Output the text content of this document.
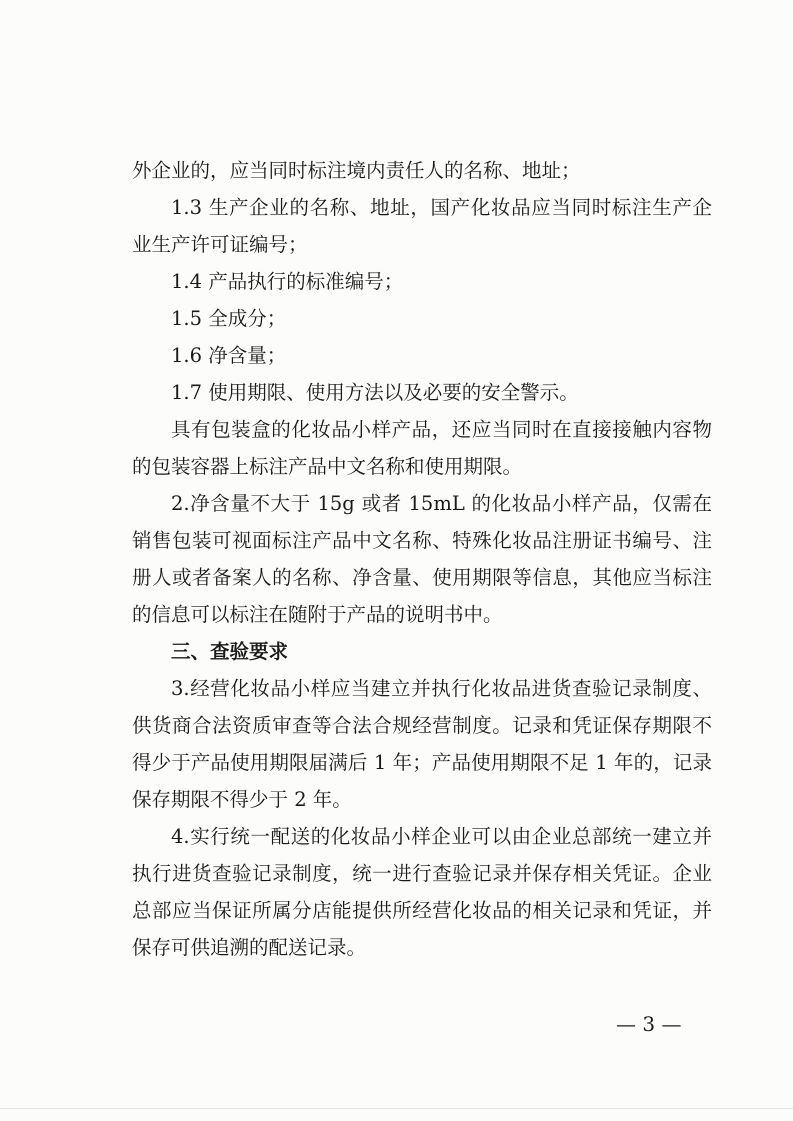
外企业的，应当同时标注境内责任人的名称、地址；

1.3 生产企业的名称、地址，国产化妆品应当同时标注生产企业生产许可证编号；

1.4 产品执行的标准编号；

1.5 全成分；

1.6 净含量；

1.7 使用期限、使用方法以及必要的安全警示。

具有包装盒的化妆品小样产品，还应当同时在直接接触内容物的包装容器上标注产品中文名称和使用期限。

2.净含量不大于 15g 或者 15mL 的化妆品小样产品，仅需在销售包装可视面标注产品中文名称、特殊化妆品注册证书编号、注册人或者备案人的名称、净含量、使用期限等信息，其他应当标注的信息可以标注在随附于产品的说明书中。

三、查验要求

3.经营化妆品小样应当建立并执行化妆品进货查验记录制度、供货商合法资质审查等合法合规经营制度。记录和凭证保存期限不得少于产品使用期限届满后 1 年；产品使用期限不足 1 年的，记录保存期限不得少于 2 年。

4.实行统一配送的化妆品小样企业可以由企业总部统一建立并执行进货查验记录制度，统一进行查验记录并保存相关凭证。企业总部应当保证所属分店能提供所经营化妆品的相关记录和凭证，并保存可供追溯的配送记录。

— 3 —
